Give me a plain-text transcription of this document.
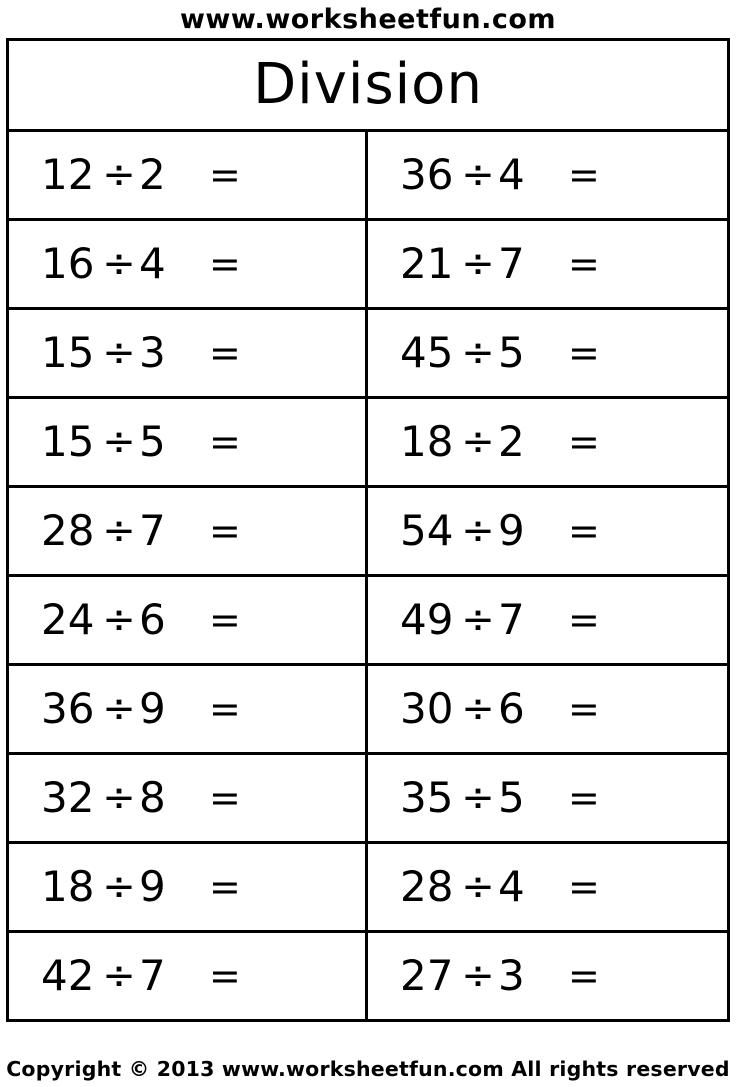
www.worksheetfun.com
Division
12 ÷ 2	=	36 ÷ 4	=
16 ÷ 4	=	21 ÷ 7	=
15 ÷ 3	=	45 ÷ 5	=
15 ÷ 5	=	18 ÷ 2	=
28 ÷ 7	=	54 ÷ 9	=
24 ÷ 6	=	49 ÷ 7	=
36 ÷ 9	=	30 ÷ 6	=
32 ÷ 8	=	35 ÷ 5	=
18 ÷ 9	=	28 ÷ 4	=
42 ÷ 7	=	27 ÷ 3	=
Copyright © 2013 www.worksheetfun.com All rights reserved
